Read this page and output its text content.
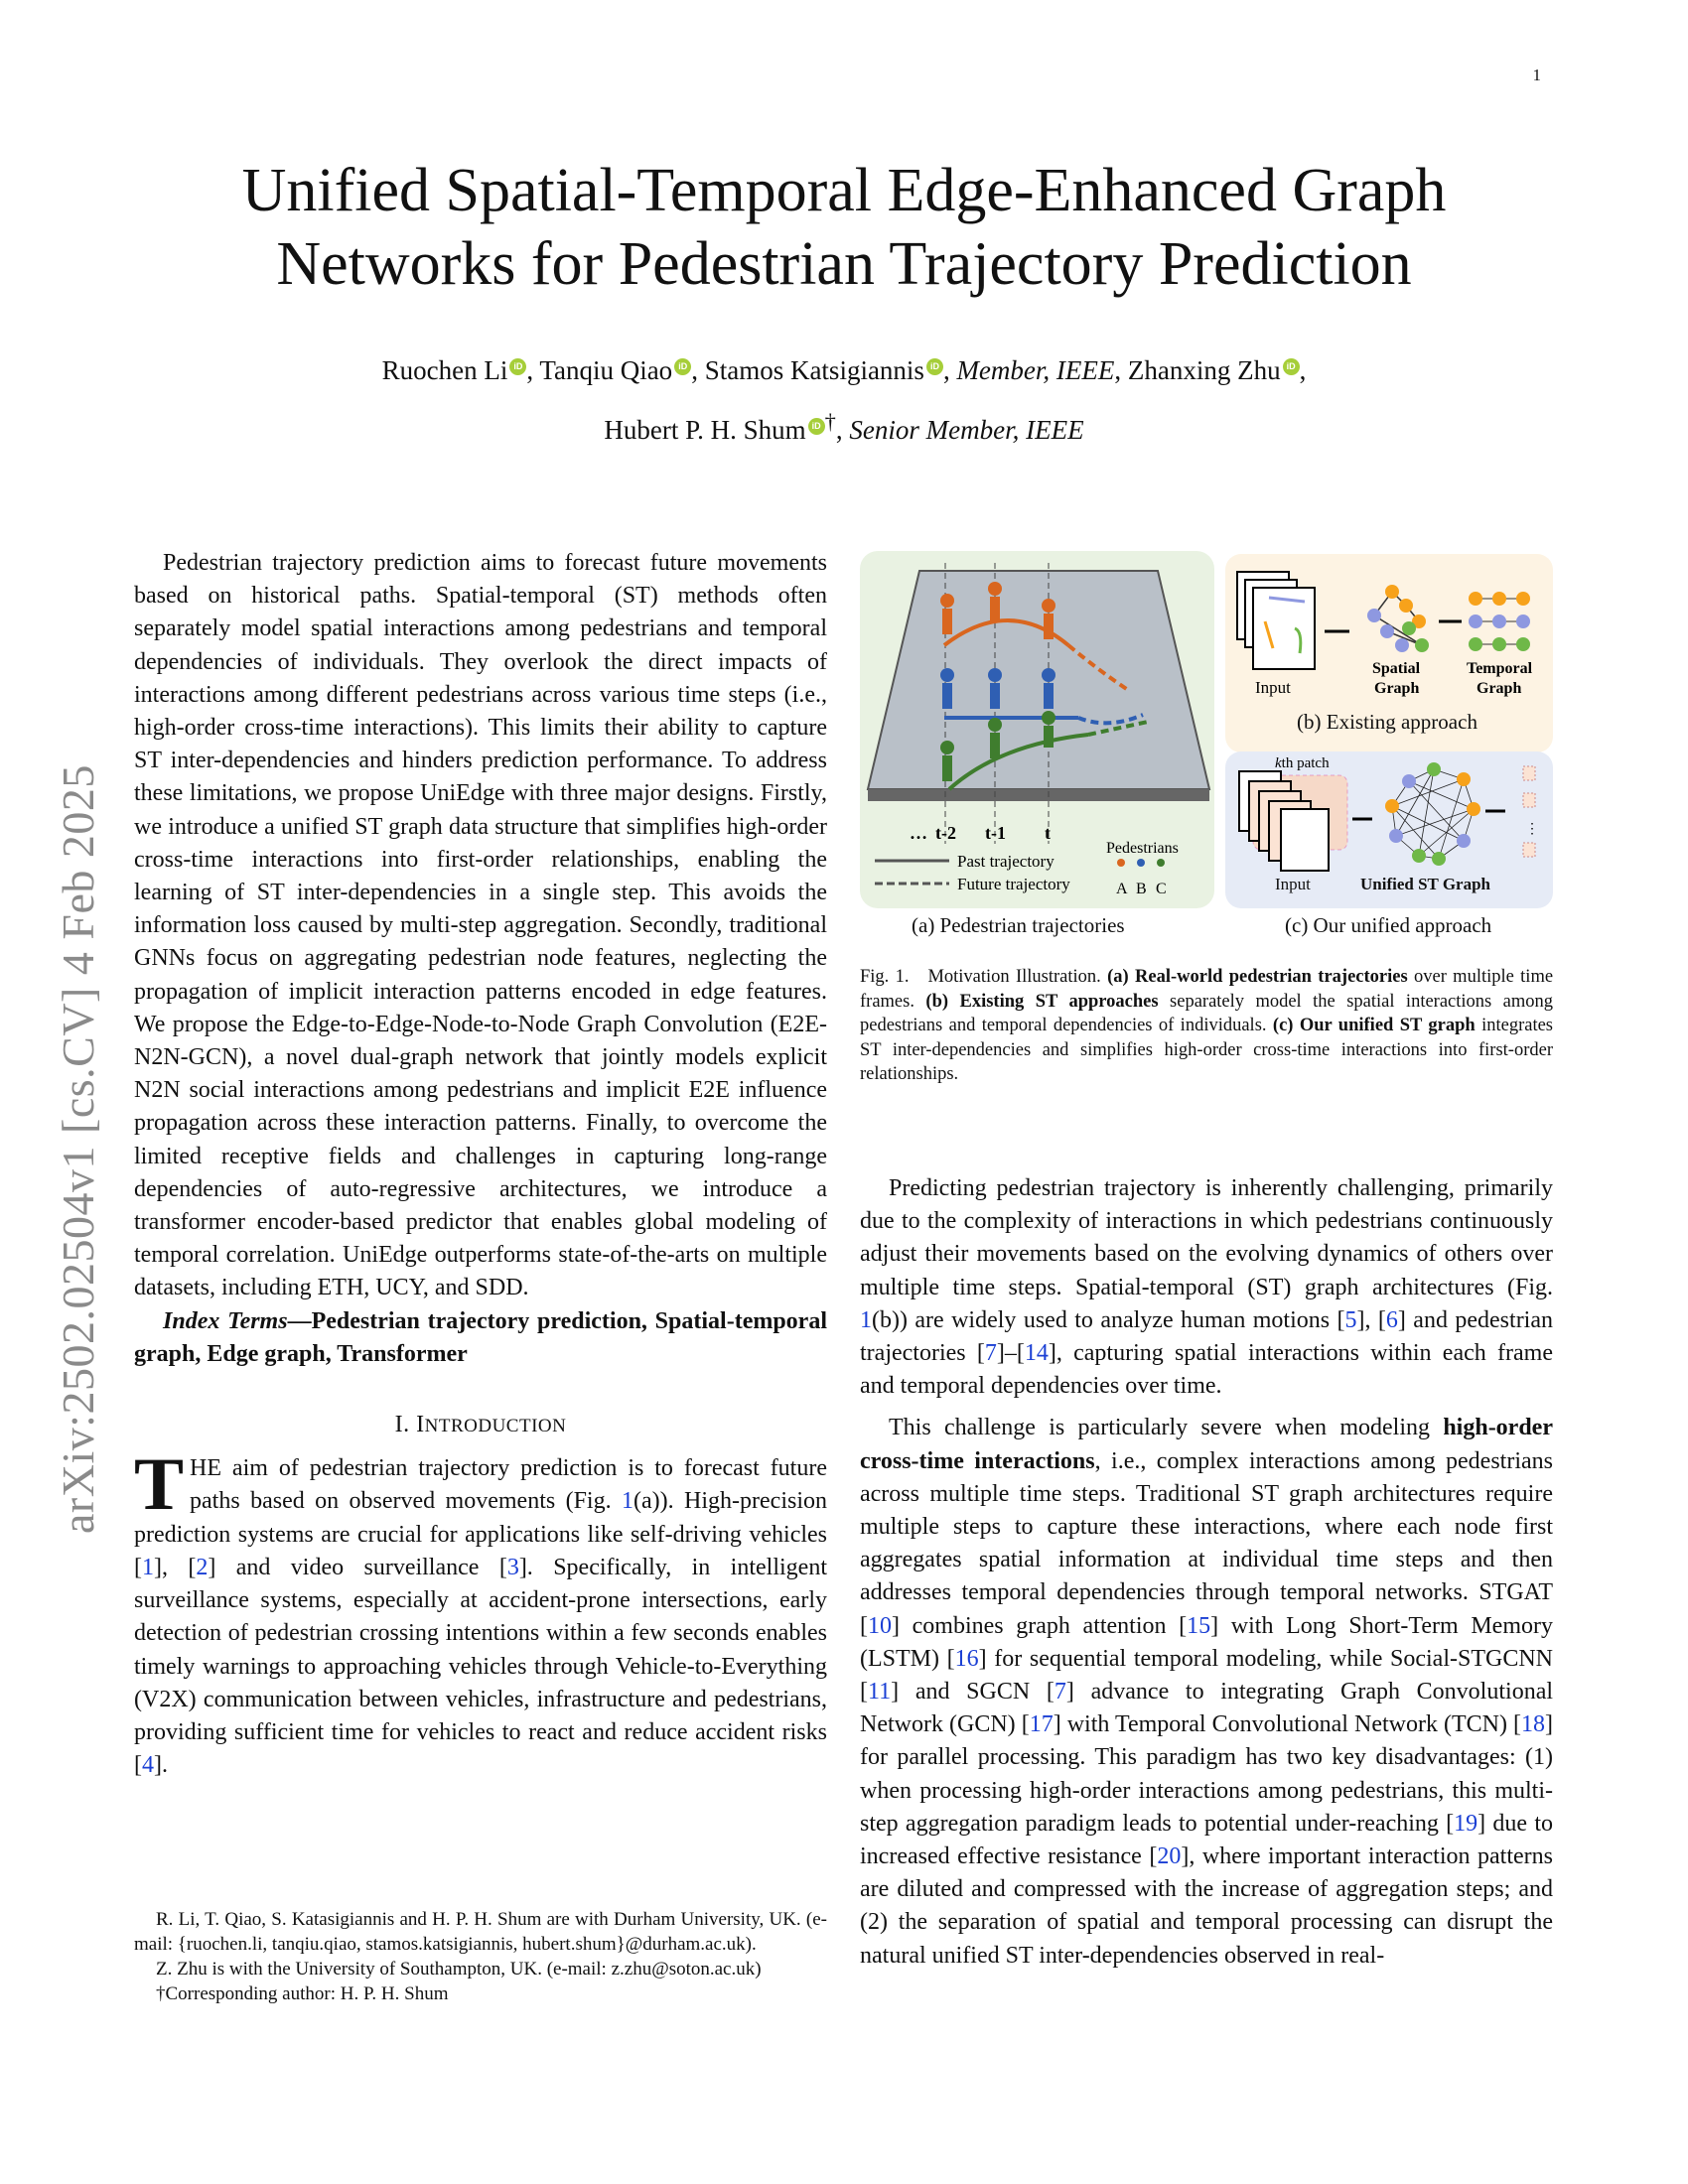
1
arXiv:2502.02504v1 [cs.CV] 4 Feb 2025
Unified Spatial-Temporal Edge-Enhanced Graph
Networks for Pedestrian Trajectory Prediction
Ruochen Li iD , Tanqiu Qiao iD , Stamos Katsigiannis iD , Member, IEEE, Zhanxing Zhu iD ,
Hubert P. H. Shum iD †, Senior Member, IEEE

Pedestrian trajectory prediction aims to forecast future movements based on historical paths. Spatial-temporal (ST) methods often separately model spatial interactions among pedestrians and temporal dependencies of individuals. They overlook the direct impacts of interactions among different pedestrians across various time steps (i.e., high-order cross-time interactions). This limits their ability to capture ST inter-dependencies and hinders prediction performance. To address these limitations, we propose UniEdge with three major designs. Firstly, we introduce a unified ST graph data structure that simplifies high-order cross-time interactions into first-order relationships, enabling the learning of ST inter-dependencies in a single step. This avoids the information loss caused by multi-step aggregation. Secondly, traditional GNNs focus on aggregating pedestrian node features, neglecting the propagation of implicit interaction patterns encoded in edge features. We propose the Edge-to-Edge-Node-to-Node Graph Convolution (E2E-N2N-GCN), a novel dual-graph network that jointly models explicit N2N social interactions among pedestrians and implicit E2E influence propagation across these interaction patterns. Finally, to overcome the limited receptive fields and challenges in capturing long-range dependencies of auto-regressive architectures, we introduce a transformer encoder-based predictor that enables global modeling of temporal correlation. UniEdge outperforms state-of-the-arts on multiple datasets, including ETH, UCY, and SDD.

Index Terms—Pedestrian trajectory prediction, Spatial-temporal graph, Edge graph, Transformer

I. INTRODUCTION

THE aim of pedestrian trajectory prediction is to forecast future paths based on observed movements (Fig. 1(a)). High-precision prediction systems are crucial for applications like self-driving vehicles [1], [2] and video surveillance [3]. Specifically, in intelligent surveillance systems, especially at accident-prone intersections, early detection of pedestrian crossing intentions within a few seconds enables timely warnings to approaching vehicles through Vehicle-to-Everything (V2X) communication between vehicles, infrastructure and pedestrians, providing sufficient time for vehicles to react and reduce accident risks [4].

R. Li, T. Qiao, S. Katasigiannis and H. P. H. Shum are with Durham University, UK. (e-mail: {ruochen.li, tanqiu.qiao, stamos.katsigiannis, hubert.shum}@durham.ac.uk).

Z. Zhu is with the University of Southampton, UK. (e-mail: z.zhu@soton.ac.uk)

†Corresponding author: H. P. H. Shum

… t-2 t-1 t
Past trajectory
Future trajectory
Pedestrians
A B C
Input
Spatial
Graph
Temporal
Graph
(b) Existing approach
kth patch
⋮
Input	Unified ST Graph
(a) Pedestrian trajectories	(c) Our unified approach
Fig. 1. Motivation Illustration. (a) Real-world pedestrian trajectories over multiple time frames. (b) Existing ST approaches separately model the spatial interactions among pedestrians and temporal dependencies of individuals. (c) Our unified ST graph integrates ST inter-dependencies and simplifies high-order cross-time interactions into first-order relationships.

Predicting pedestrian trajectory is inherently challenging, primarily due to the complexity of interactions in which pedestrians continuously adjust their movements based on the evolving dynamics of others over multiple time steps. Spatial-temporal (ST) graph architectures (Fig. 1(b)) are widely used to analyze human motions [5], [6] and pedestrian trajectories [7]–[14], capturing spatial interactions within each frame and temporal dependencies over time.

This challenge is particularly severe when modeling high-order cross-time interactions, i.e., complex interactions among pedestrians across multiple time steps. Traditional ST graph architectures require multiple steps to capture these interactions, where each node first aggregates spatial information at individual time steps and then addresses temporal dependencies through temporal networks. STGAT [10] combines graph attention [15] with Long Short-Term Memory (LSTM) [16] for sequential temporal modeling, while Social-STGCNN [11] and SGCN [7] advance to integrating Graph Convolutional Network (GCN) [17] with Temporal Convolutional Network (TCN) [18] for parallel processing. This paradigm has two key disadvantages: (1) when processing high-order interactions among pedestrians, this multi-step aggregation paradigm leads to potential under-reaching [19] due to increased effective resistance [20], where important interaction patterns are diluted and compressed with the increase of aggregation steps; and (2) the separation of spatial and temporal processing can disrupt the natural unified ST inter-dependencies observed in real-
